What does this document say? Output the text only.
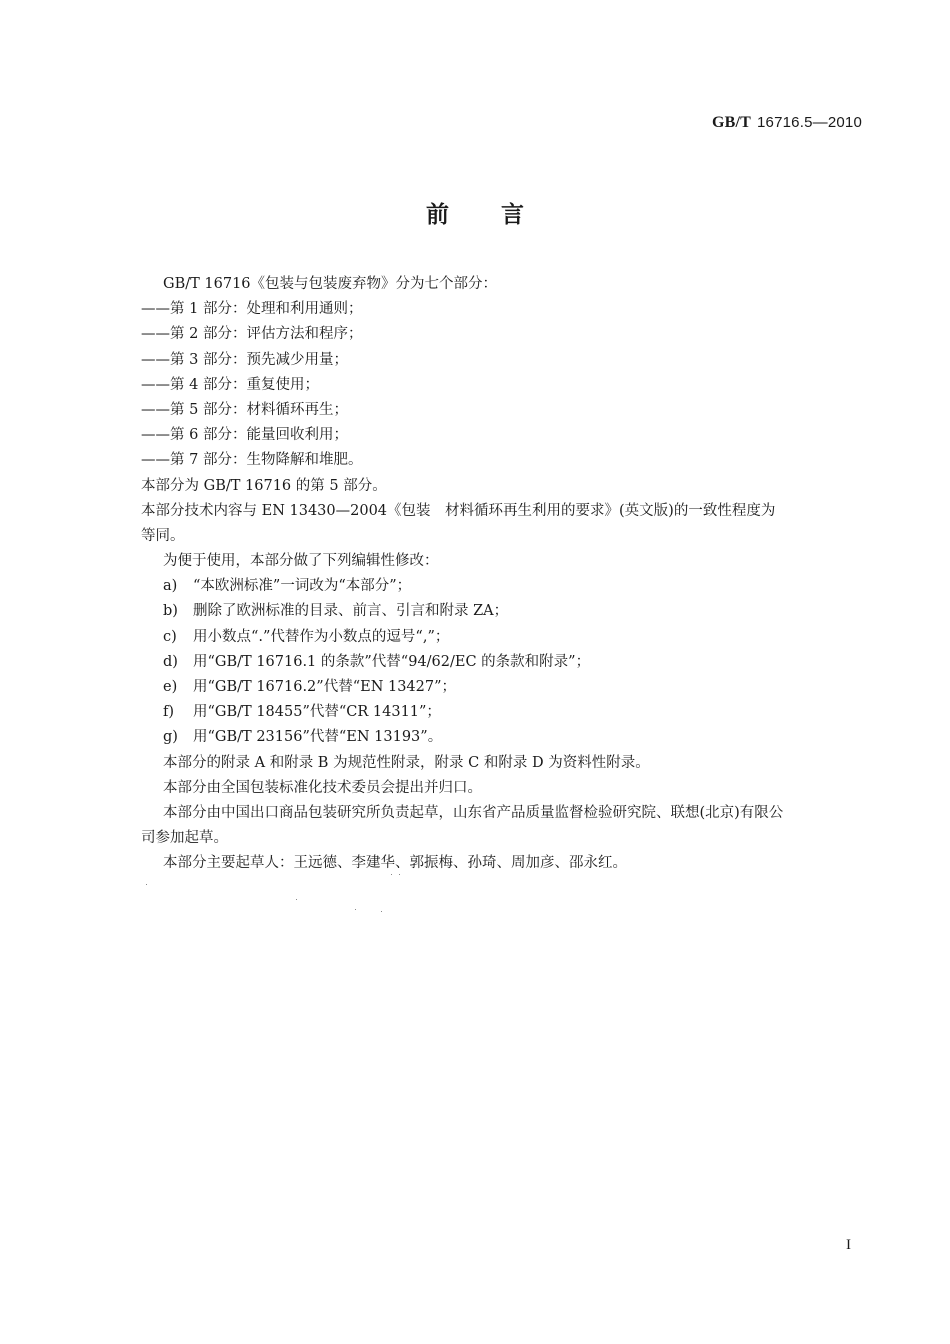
GB/T 16716.5—2010
前 言
GB/T 16716《包装与包装废弃物》分为七个部分：
——第 1 部分：处理和利用通则；
——第 2 部分：评估方法和程序；
——第 3 部分：预先减少用量；
——第 4 部分：重复使用；
——第 5 部分：材料循环再生；
——第 6 部分：能量回收利用；
——第 7 部分：生物降解和堆肥。
本部分为 GB/T 16716 的第 5 部分。
本部分技术内容与 EN 13430—2004《包装　材料循环再生利用的要求》(英文版)的一致性程度为
等同。
为便于使用，本部分做了下列编辑性修改：
a) “本欧洲标准”一词改为“本部分”；
b) 删除了欧洲标准的目录、前言、引言和附录 ZA；
c) 用小数点“.”代替作为小数点的逗号“,”；
d) 用“GB/T 16716.1 的条款”代替“94/62/EC 的条款和附录”；
e) 用“GB/T 16716.2”代替“EN 13427”；
f) 用“GB/T 18455”代替“CR 14311”；
g) 用“GB/T 23156”代替“EN 13193”。
本部分的附录 A 和附录 B 为规范性附录，附录 C 和附录 D 为资料性附录。
本部分由全国包装标准化技术委员会提出并归口。
本部分由中国出口商品包装研究所负责起草，山东省产品质量监督检验研究院、联想(北京)有限公
司参加起草。
本部分主要起草人：王远德、李建华、郭振梅、孙琦、周加彦、邵永红。
I
